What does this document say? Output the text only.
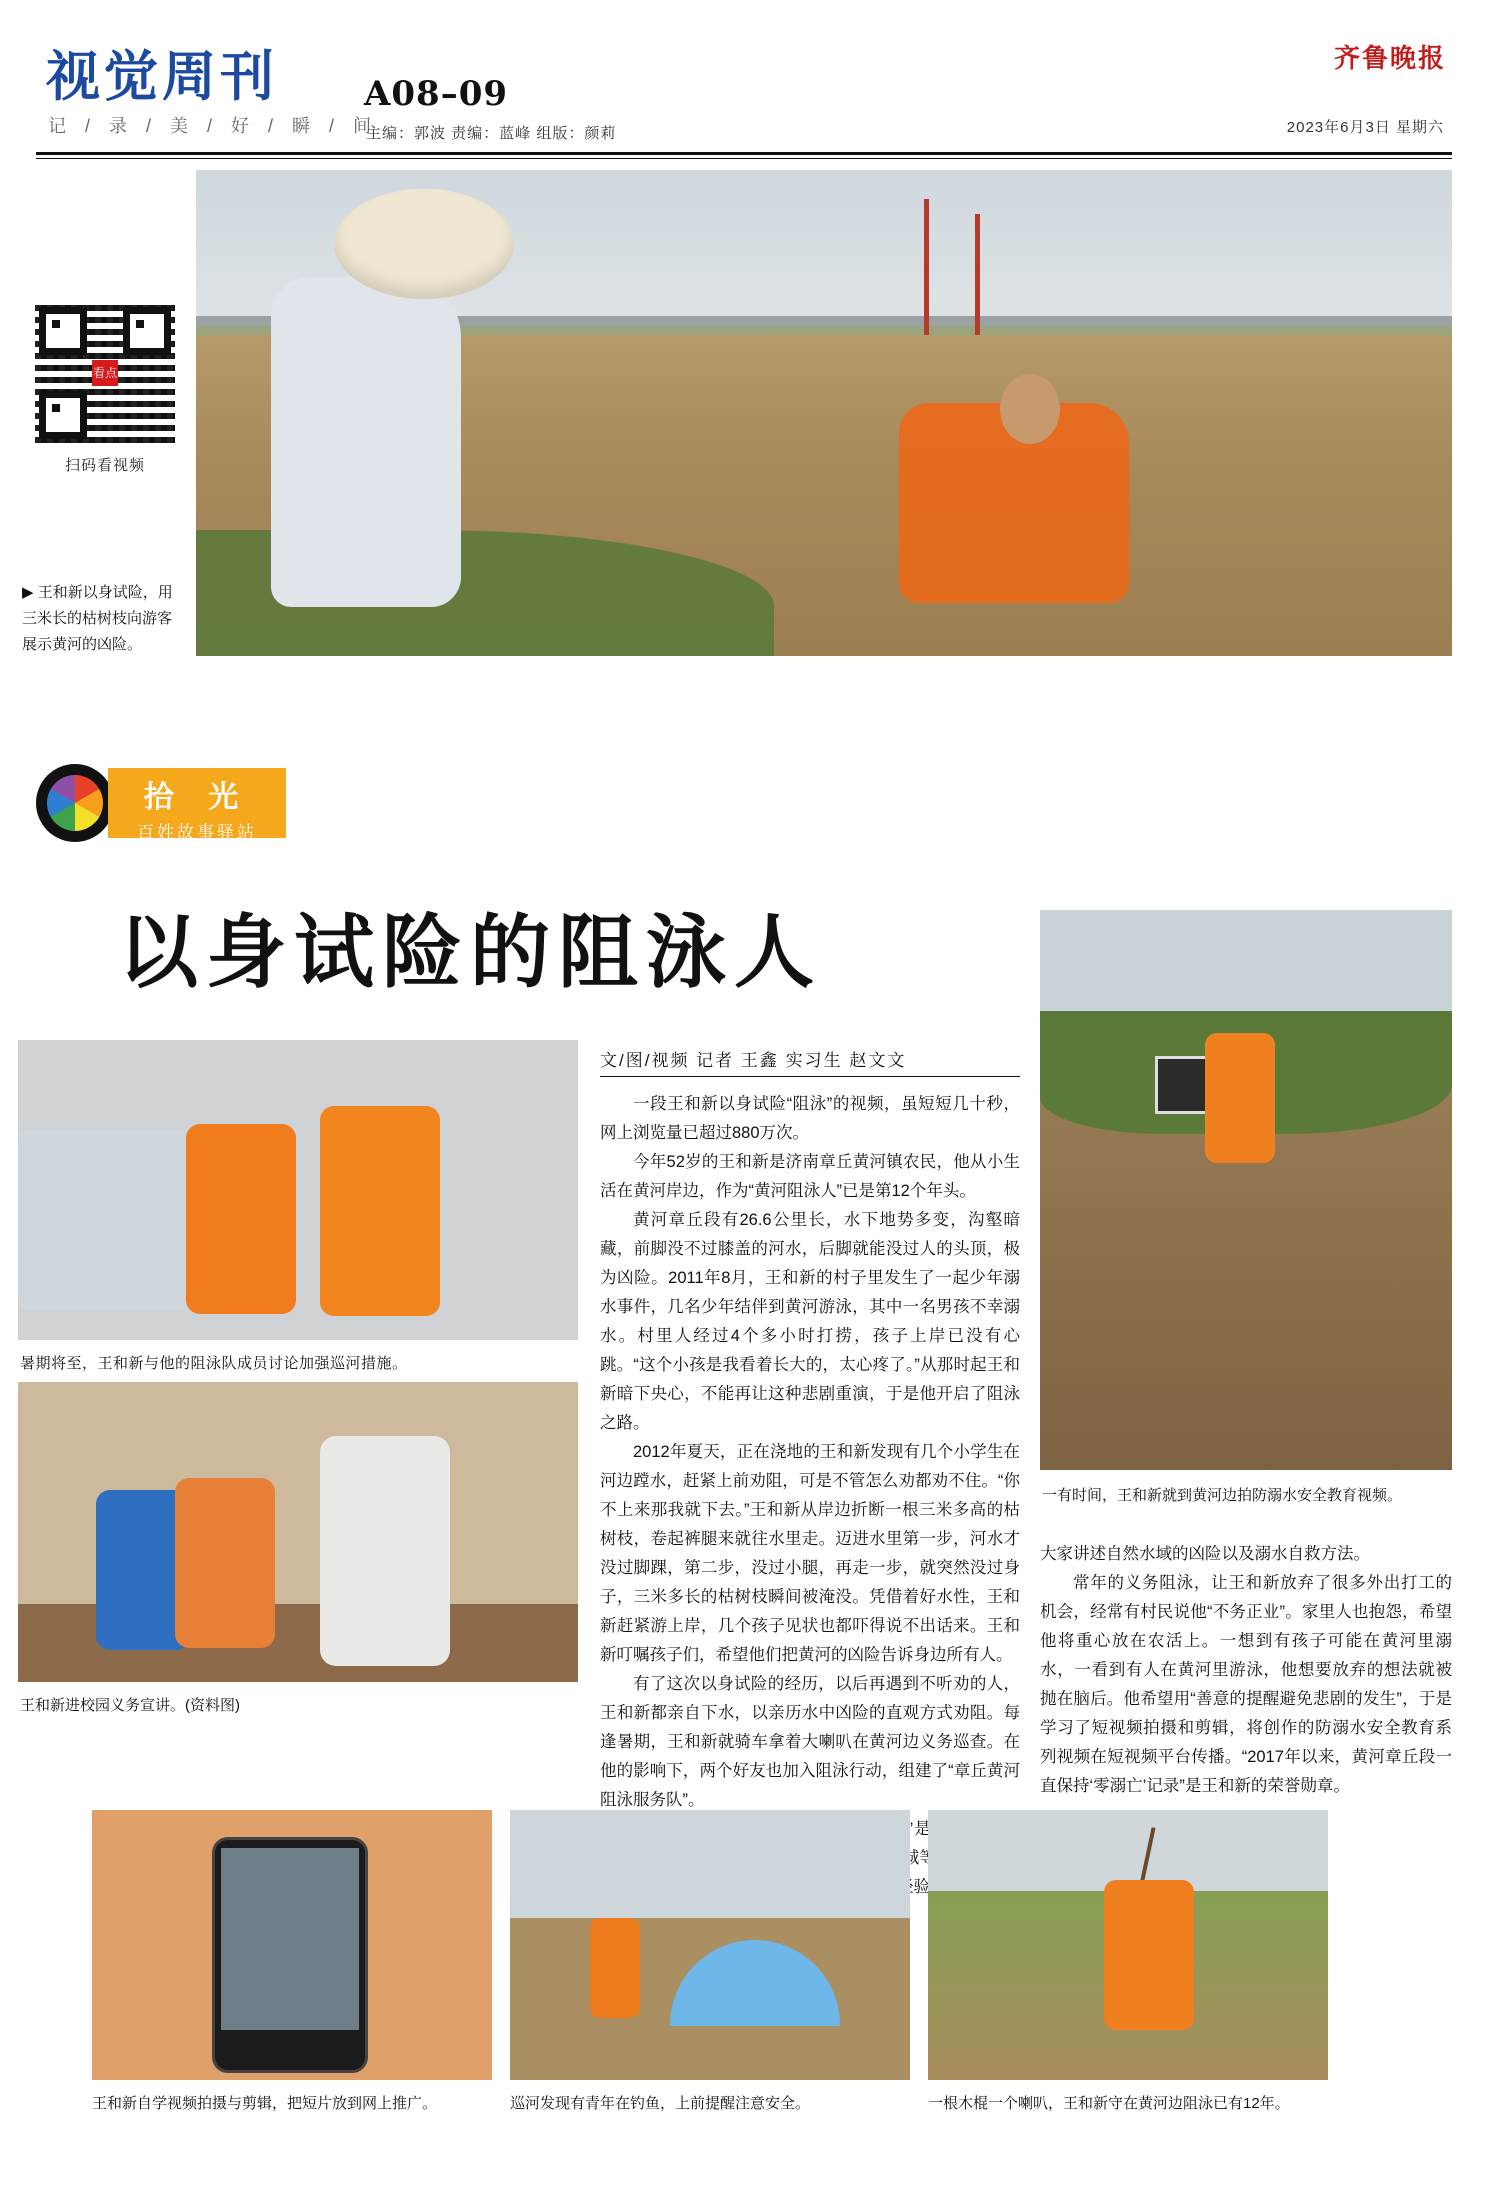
视觉周刊
记 / 录 / 美 / 好 / 瞬 / 间
A08–09
主编：郭波 责编：蓝峰 组版：颜莉
齐鲁晚报
2023年6月3日 星期六
看点
扫码看视频
▶ 王和新以身试险，用三米长的枯树枝向游客展示黄河的凶险。
拾 光
百姓故事驿站
以身试险的阻泳人
暑期将至，王和新与他的阻泳队成员讨论加强巡河措施。
王和新进校园义务宣讲。(资料图)
文/图/视频 记者 王鑫 实习生 赵文文

一段王和新以身试险“阻泳”的视频，虽短短几十秒，网上浏览量已超过880万次。

今年52岁的王和新是济南章丘黄河镇农民，他从小生活在黄河岸边，作为“黄河阻泳人”已是第12个年头。

黄河章丘段有26.6公里长，水下地势多变，沟壑暗藏，前脚没不过膝盖的河水，后脚就能没过人的头顶，极为凶险。2011年8月，王和新的村子里发生了一起少年溺水事件，几名少年结伴到黄河游泳，其中一名男孩不幸溺水。村里人经过4个多小时打捞，孩子上岸已没有心跳。“这个小孩是我看着长大的，太心疼了。”从那时起王和新暗下央心，不能再让这种悲剧重演，于是他开启了阻泳之路。

2012年夏天，正在浇地的王和新发现有几个小学生在河边蹚水，赶紧上前劝阻，可是不管怎么劝都劝不住。“你不上来那我就下去。”王和新从岸边折断一根三米多高的枯树枝，卷起裤腿来就往水里走。迈进水里第一步，河水才没过脚踝，第二步，没过小腿，再走一步，就突然没过身子，三米多长的枯树枝瞬间被淹没。凭借着好水性，王和新赶紧游上岸，几个孩子见状也都吓得说不出话来。王和新叮嘱孩子们，希望他们把黄河的凶险告诉身边所有人。

有了这次以身试险的经历，以后再遇到不听劝的人，王和新都亲自下水，以亲历水中凶险的直观方式劝阻。每逢暑期，王和新就骑车拿着大喇叭在黄河边义务巡查。在他的影响下，两个好友也加入阻泳行动，组建了“章丘黄河阻泳服务队”。

一有时间，王和新就到黄河边拍防溺水安全教育视频。

大家讲述自然水域的凶险以及溺水自救方法。

常年的义务阻泳，让王和新放弃了很多外出打工的机会，经常有村民说他“不务正业”。家里人也抱怨，希望他将重心放在农活上。一想到有孩子可能在黄河里溺水，一看到有人在黄河里游泳，他想要放弃的想法就被抛在脑后。他希望用“善意的提醒避免悲剧的发生”，于是学习了短视频拍摄和剪辑，将创作的防溺水安全教育系列视频在短视频平台传播。“2017年以来，黄河章丘段一直保持‘零溺亡’记录”是王和新的荣誉勋章。

王和新自学视频拍摄与剪辑，把短片放到网上推广。	巡河发现有青年在钓鱼，上前提醒注意安全。	一根木棍一个喇叭，王和新守在黄河边阻泳已有12年。
